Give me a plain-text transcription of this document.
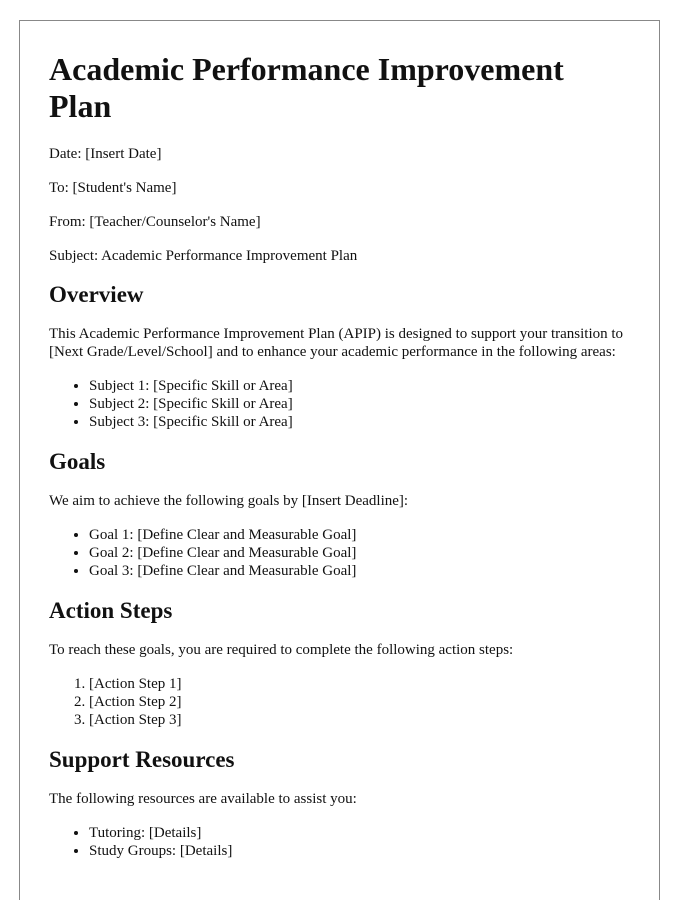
Academic Performance Improvement Plan

Date: [Insert Date]

To: [Student's Name]

From: [Teacher/Counselor's Name]

Subject: Academic Performance Improvement Plan

Overview

This Academic Performance Improvement Plan (APIP) is designed to support your transition to [Next Grade/Level/School] and to enhance your academic performance in the following areas:

• Subject 1: [Specific Skill or Area]
• Subject 2: [Specific Skill or Area]
• Subject 3: [Specific Skill or Area]
Goals

We aim to achieve the following goals by [Insert Deadline]:

• Goal 1: [Define Clear and Measurable Goal]
• Goal 2: [Define Clear and Measurable Goal]
• Goal 3: [Define Clear and Measurable Goal]
Action Steps

To reach these goals, you are required to complete the following action steps:

1. [Action Step 1]
2. [Action Step 2]
3. [Action Step 3]
Support Resources

The following resources are available to assist you:

• Tutoring: [Details]
• Study Groups: [Details]
